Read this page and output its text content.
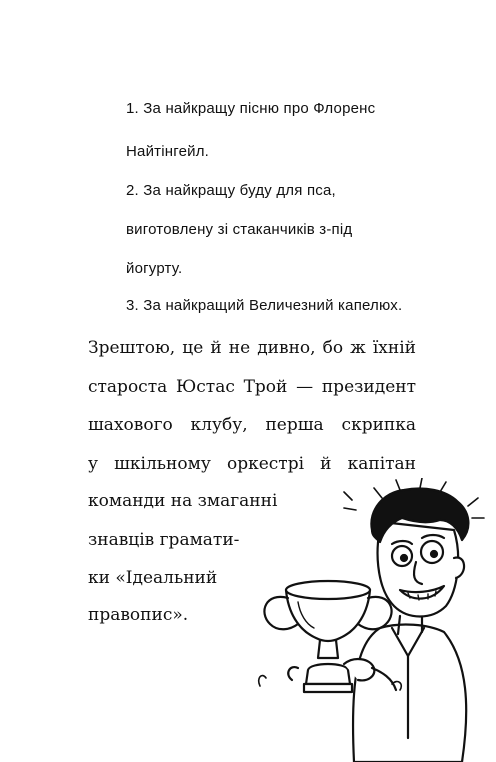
1. За найкращу пісню про Флоренс
Найтінгейл.
2. За найкращу буду для пса,
виготовлену зі стаканчиків з-під
йогурту.
3. За найкращий Величезний капелюх.
Зрештою, це й не дивно, бо ж їхній
староста Юстас Трой — президент
шахового клубу, перша скрипка
у шкільному оркестрі й капітан
команди на змаганні
знавців грамати-
ки «Ідеальний
правопис».
